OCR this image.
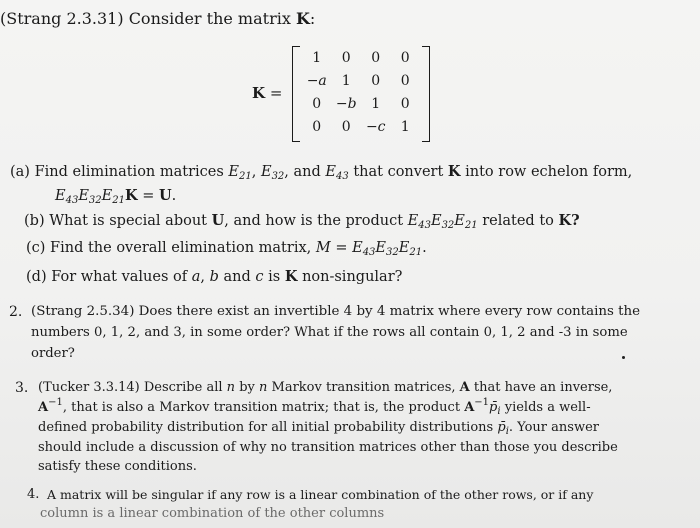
(Strang 2.3.31) Consider the matrix K:
K =
1	0	0	0
−a	1	0	0
0	−b	1	0
0	0	−c	1
(a) Find elimination matrices $E_{21}$, $E_{32}$, and $E_{43}$ that convert K into row echelon form,
$E_{43}E_{32}E_{21}K = U$.
(b) What is special about U, and how is the product $E_{43}E_{32}E_{21}$ related to K?
(c) Find the overall elimination matrix, $M = E_{43}E_{32}E_{21}$.
(d) For what values of a, b and c is K non-singular?
2. (Strang 2.5.34) Does there exist an invertible 4 by 4 matrix where every row contains the
numbers 0, 1, 2, and 3, in some order? What if the rows all contain 0, 1, 2 and -3 in some
order?
3. (Tucker 3.3.14) Describe all n by n Markov transition matrices, A that have an inverse,
$A^{-1}$, that is also a Markov transition matrix; that is, the product $A^{-1}p̄_i$ yields a well-
defined probability distribution for all initial probability distributions $p̄_i$. Your answer
should include a discussion of why no transition matrices other than those you describe
satisfy these conditions.
4. A matrix will be singular if any row is a linear combination of the other rows, or if any
column is a linear combination of the other columns
